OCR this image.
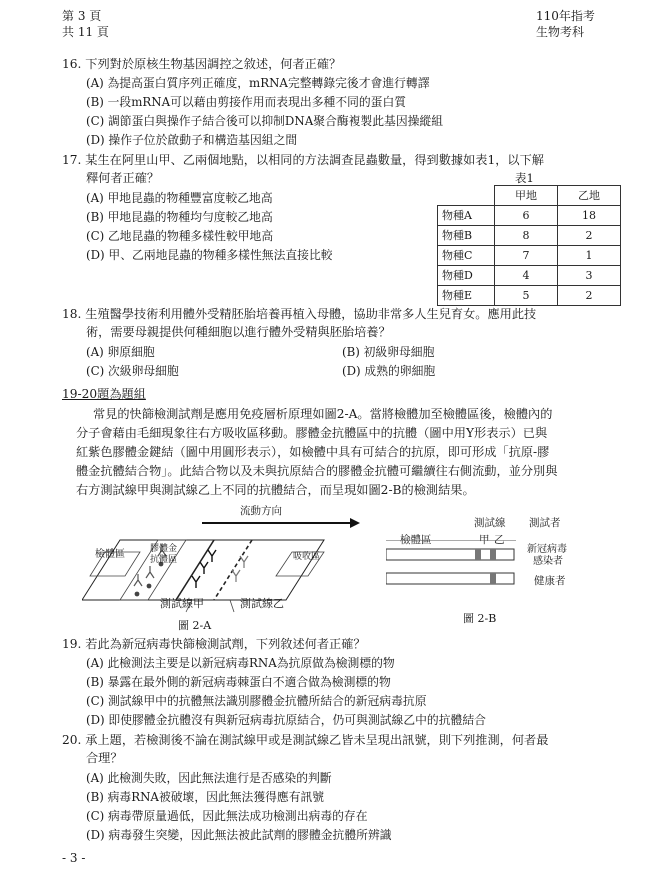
第 3 頁
共 11 頁
110年指考
生物考科
16. 下列對於原核生物基因調控之敘述，何者正確？
(A) 為提高蛋白質序列正確度，mRNA完整轉錄完後才會進行轉譯
(B) 一段mRNA可以藉由剪接作用而表現出多種不同的蛋白質
(C) 調節蛋白與操作子結合後可以抑制DNA聚合酶複製此基因操縱組
(D) 操作子位於啟動子和構造基因組之間
17. 某生在阿里山甲、乙兩個地點，以相同的方法調查昆蟲數量，得到數據如表1，以下解
釋何者正確？
(A) 甲地昆蟲的物種豐富度較乙地高
(B) 甲地昆蟲的物種均勻度較乙地高
(C) 乙地昆蟲的物種多樣性較甲地高
(D) 甲、乙兩地昆蟲的物種多樣性無法直接比較
表1
	甲地	乙地
物種A	6	18
物種B	8	2
物種C	7	1
物種D	4	3
物種E	5	2
18. 生殖醫學技術利用體外受精胚胎培養再植入母體，協助非常多人生兒育女。應用此技
術，需要母親提供何種細胞以進行體外受精與胚胎培養？
(A) 卵原細胞	(B) 初級卵母細胞
(C) 次級卵母細胞	(D) 成熟的卵細胞
19-20題為題組
常見的快篩檢測試劑是應用免疫層析原理如圖2-A。當將檢體加至檢體區後，檢體內的
分子會藉由毛細現象往右方吸收區移動。膠體金抗體區中的抗體（圖中用Y形表示）已與
紅紫色膠體金鍵結（圖中用圓形表示），如檢體中具有可結合的抗原，即可形成「抗原-膠
體金抗體結合物」。此結合物以及未與抗原結合的膠體金抗體可繼續往右側流動，並分別與
右方測試線甲與測試線乙上不同的抗體結合，而呈現如圖2-B的檢測結果。
流動方向
檢體區	膠體金
抗體區	吸收區
測試線甲	測試線乙
圖 2-A
測試線 測試者
檢體區	甲 乙
新冠病毒
感染者
健康者
圖 2-B
19. 若此為新冠病毒快篩檢測試劑，下列敘述何者正確？
(A) 此檢測法主要是以新冠病毒RNA為抗原做為檢測標的物
(B) 暴露在最外側的新冠病毒棘蛋白不適合做為檢測標的物
(C) 測試線甲中的抗體無法識別膠體金抗體所結合的新冠病毒抗原
(D) 即使膠體金抗體沒有與新冠病毒抗原結合，仍可與測試線乙中的抗體結合
20. 承上題，若檢測後不論在測試線甲或是測試線乙皆未呈現出訊號，則下列推測，何者最
合理？
(A) 此檢測失敗，因此無法進行是否感染的判斷
(B) 病毒RNA被破壞，因此無法獲得應有訊號
(C) 病毒帶原量過低，因此無法成功檢測出病毒的存在
(D) 病毒發生突變，因此無法被此試劑的膠體金抗體所辨識
- 3 -
